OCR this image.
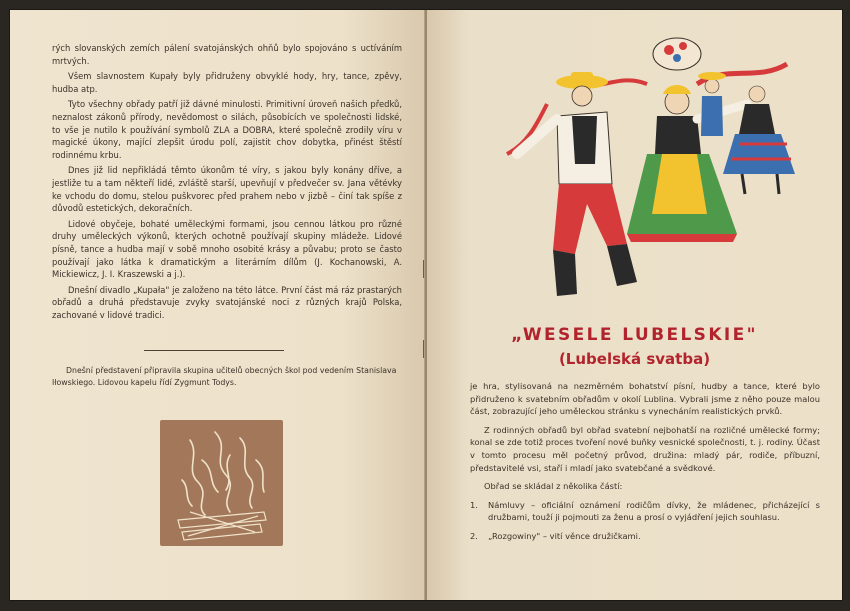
rých slovanských zemích pálení svatojánských ohňů bylo spojováno s uctíváním mrtvých.

Všem slavnostem Kupały byly přidruženy obvyklé hody, hry, tance, zpěvy, hudba atp.

Tyto všechny obřady patří již dávné minulosti. Primitivní úroveň našich předků, neznalost zákonů přírody, nevědomost o silách, působících ve společnosti lidské, to vše je nutilo k používání symbolů ZLA a DOBRA, které společně zrodily víru v magické úkony, mající zlepšit úrodu polí, zajistit chov dobytka, přinést štěstí rodinnému krbu.

Dnes již lid nepřikládá těmto úkonům té víry, s jakou byly konány dříve, a jestliže tu a tam někteří lidé, zvláště starší, upevňují v předvečer sv. Jana větévky ke vchodu do domu, stelou puškvorec před prahem nebo v jizbě – činí tak spíše z důvodů estetických, dekoračních.

Lidové obyčeje, bohaté uměleckými formami, jsou cennou látkou pro různé druhy uměleckých výkonů, kterých ochotně používají skupiny mládeže. Lidové písně, tance a hudba mají v sobě mnoho osobité krásy a půvabu; proto se často používají jako látka k dramatickým a literárním dílům (J. Kochanowski, A. Mickiewicz, J. I. Kraszewski a j.).

Dnešní divadlo „Kupała" je založeno na této látce. První část má ráz prastarých obřadů a druhá představuje zvyky svatojánské noci z různých krajů Polska, zachované v lidové tradici.

Dnešní představení připravila skupina učitelů obecných škol pod vedením Stanislava Iłowskiego. Lidovou kapelu řídí Zygmunt Todys.
„WESELE LUBELSKIE"
(Lubelská svatba)

je hra, stylisovaná na nezměrném bohatství písní, hudby a tance, které bylo přidruženo k svatebním obřadům v okolí Lublina. Vybrali jsme z něho pouze malou část, zobrazující jeho uměleckou stránku s vynecháním realistických prvků.

Z rodinných obřadů byl obřad svatební nejbohatší na rozličné umělecké formy; konal se zde totiž proces tvoření nové buňky vesnické společnosti, t. j. rodiny. Účast v tomto procesu měl početný průvod, družina: mladý pár, rodiče, příbuzní, představitelé vsi, staří i mladí jako svatebčané a svědkové.

Obřad se skládal z několika částí:

1. Námluvy – oficiální oznámení rodičům dívky, že mládenec, přicházející s družbami, touží ji pojmouti za ženu a prosí o vyjádření jejich souhlasu.
2. „Rozgowiny" – vití věnce družičkami.
